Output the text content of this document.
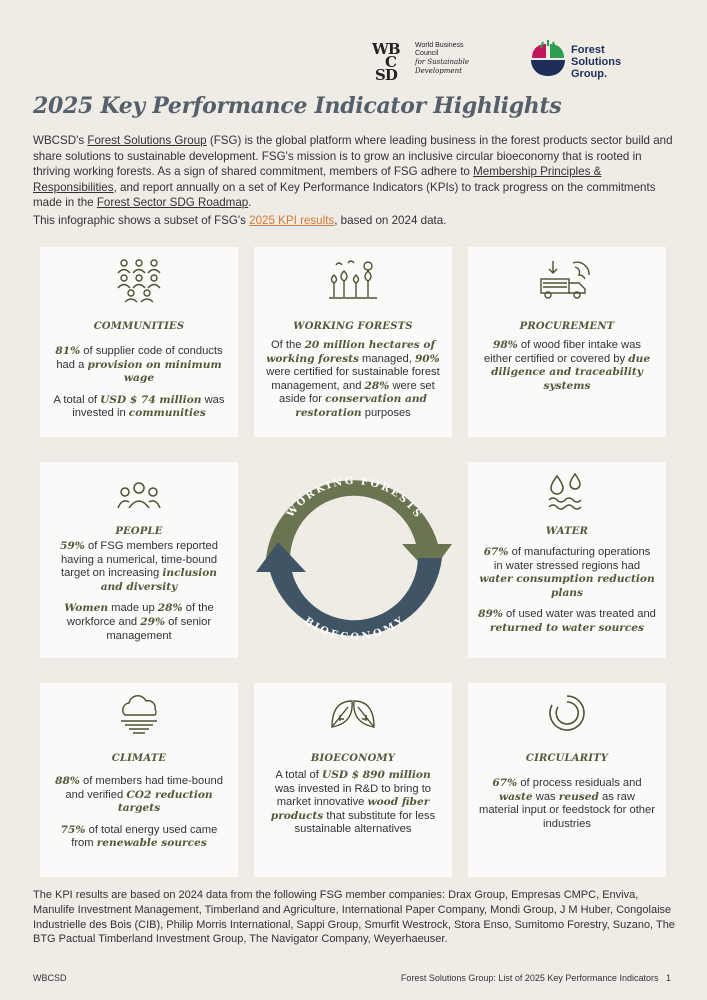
WB
C
SD
World Business
Council
for Sustainable
Development
Forest
Solutions
Group.
2025 Key Performance Indicator Highlights
WBCSD's Forest Solutions Group (FSG) is the global platform where leading business in the forest products sector build and share solutions to sustainable development. FSG's mission is to grow an inclusive circular bioeconomy that is rooted in thriving working forests. As a sign of shared commitment, members of FSG adhere to Membership Principles & Responsibilities, and report annually on a set of Key Performance Indicators (KPIs) to track progress on the commitments made in the Forest Sector SDG Roadmap.
This infographic shows a subset of FSG's 2025 KPI results, based on 2024 data.
COMMUNITIES

81% of supplier code of conducts had a provision on minimum wage

A total of USD $ 74 million was invested in communities

WORKING FORESTS

Of the 20 million hectares of working forests managed, 90% were certified for sustainable forest management, and 28% were set aside for conservation and restoration purposes

PROCUREMENT

98% of wood fiber intake was either certified or covered by due diligence and traceability systems

PEOPLE

59% of FSG members reported having a numerical, time-bound target on increasing inclusion and diversity

Women made up 28% of the workforce and 29% of senior management

WORKING FORESTS
BIOECONOMY
WATER

67% of manufacturing operations in water stressed regions had water consumption reduction plans

89% of used water was treated and returned to water sources

CLIMATE

88% of members had time-bound and verified CO2 reduction targets

75% of total energy used came from renewable sources

BIOECONOMY

A total of USD $ 890 million was invested in R&D to bring to market innovative wood fiber products that substitute for less sustainable alternatives

CIRCULARITY

67% of process residuals and waste was reused as raw material input or feedstock for other industries

The KPI results are based on 2024 data from the following FSG member companies: Drax Group, Empresas CMPC, Enviva, Manulife Investment Management, Timberland and Agriculture, International Paper Company, Mondi Group, J M Huber, Congolaise Industrielle des Bois (CIB), Philip Morris International, Sappi Group, Smurfit Westrock, Stora Enso, Sumitomo Forestry, Suzano, The BTG Pactual Timberland Investment Group, The Navigator Company, Weyerhaeuser.
WBCSD	Forest Solutions Group: List of 2025 Key Performance Indicators 1
